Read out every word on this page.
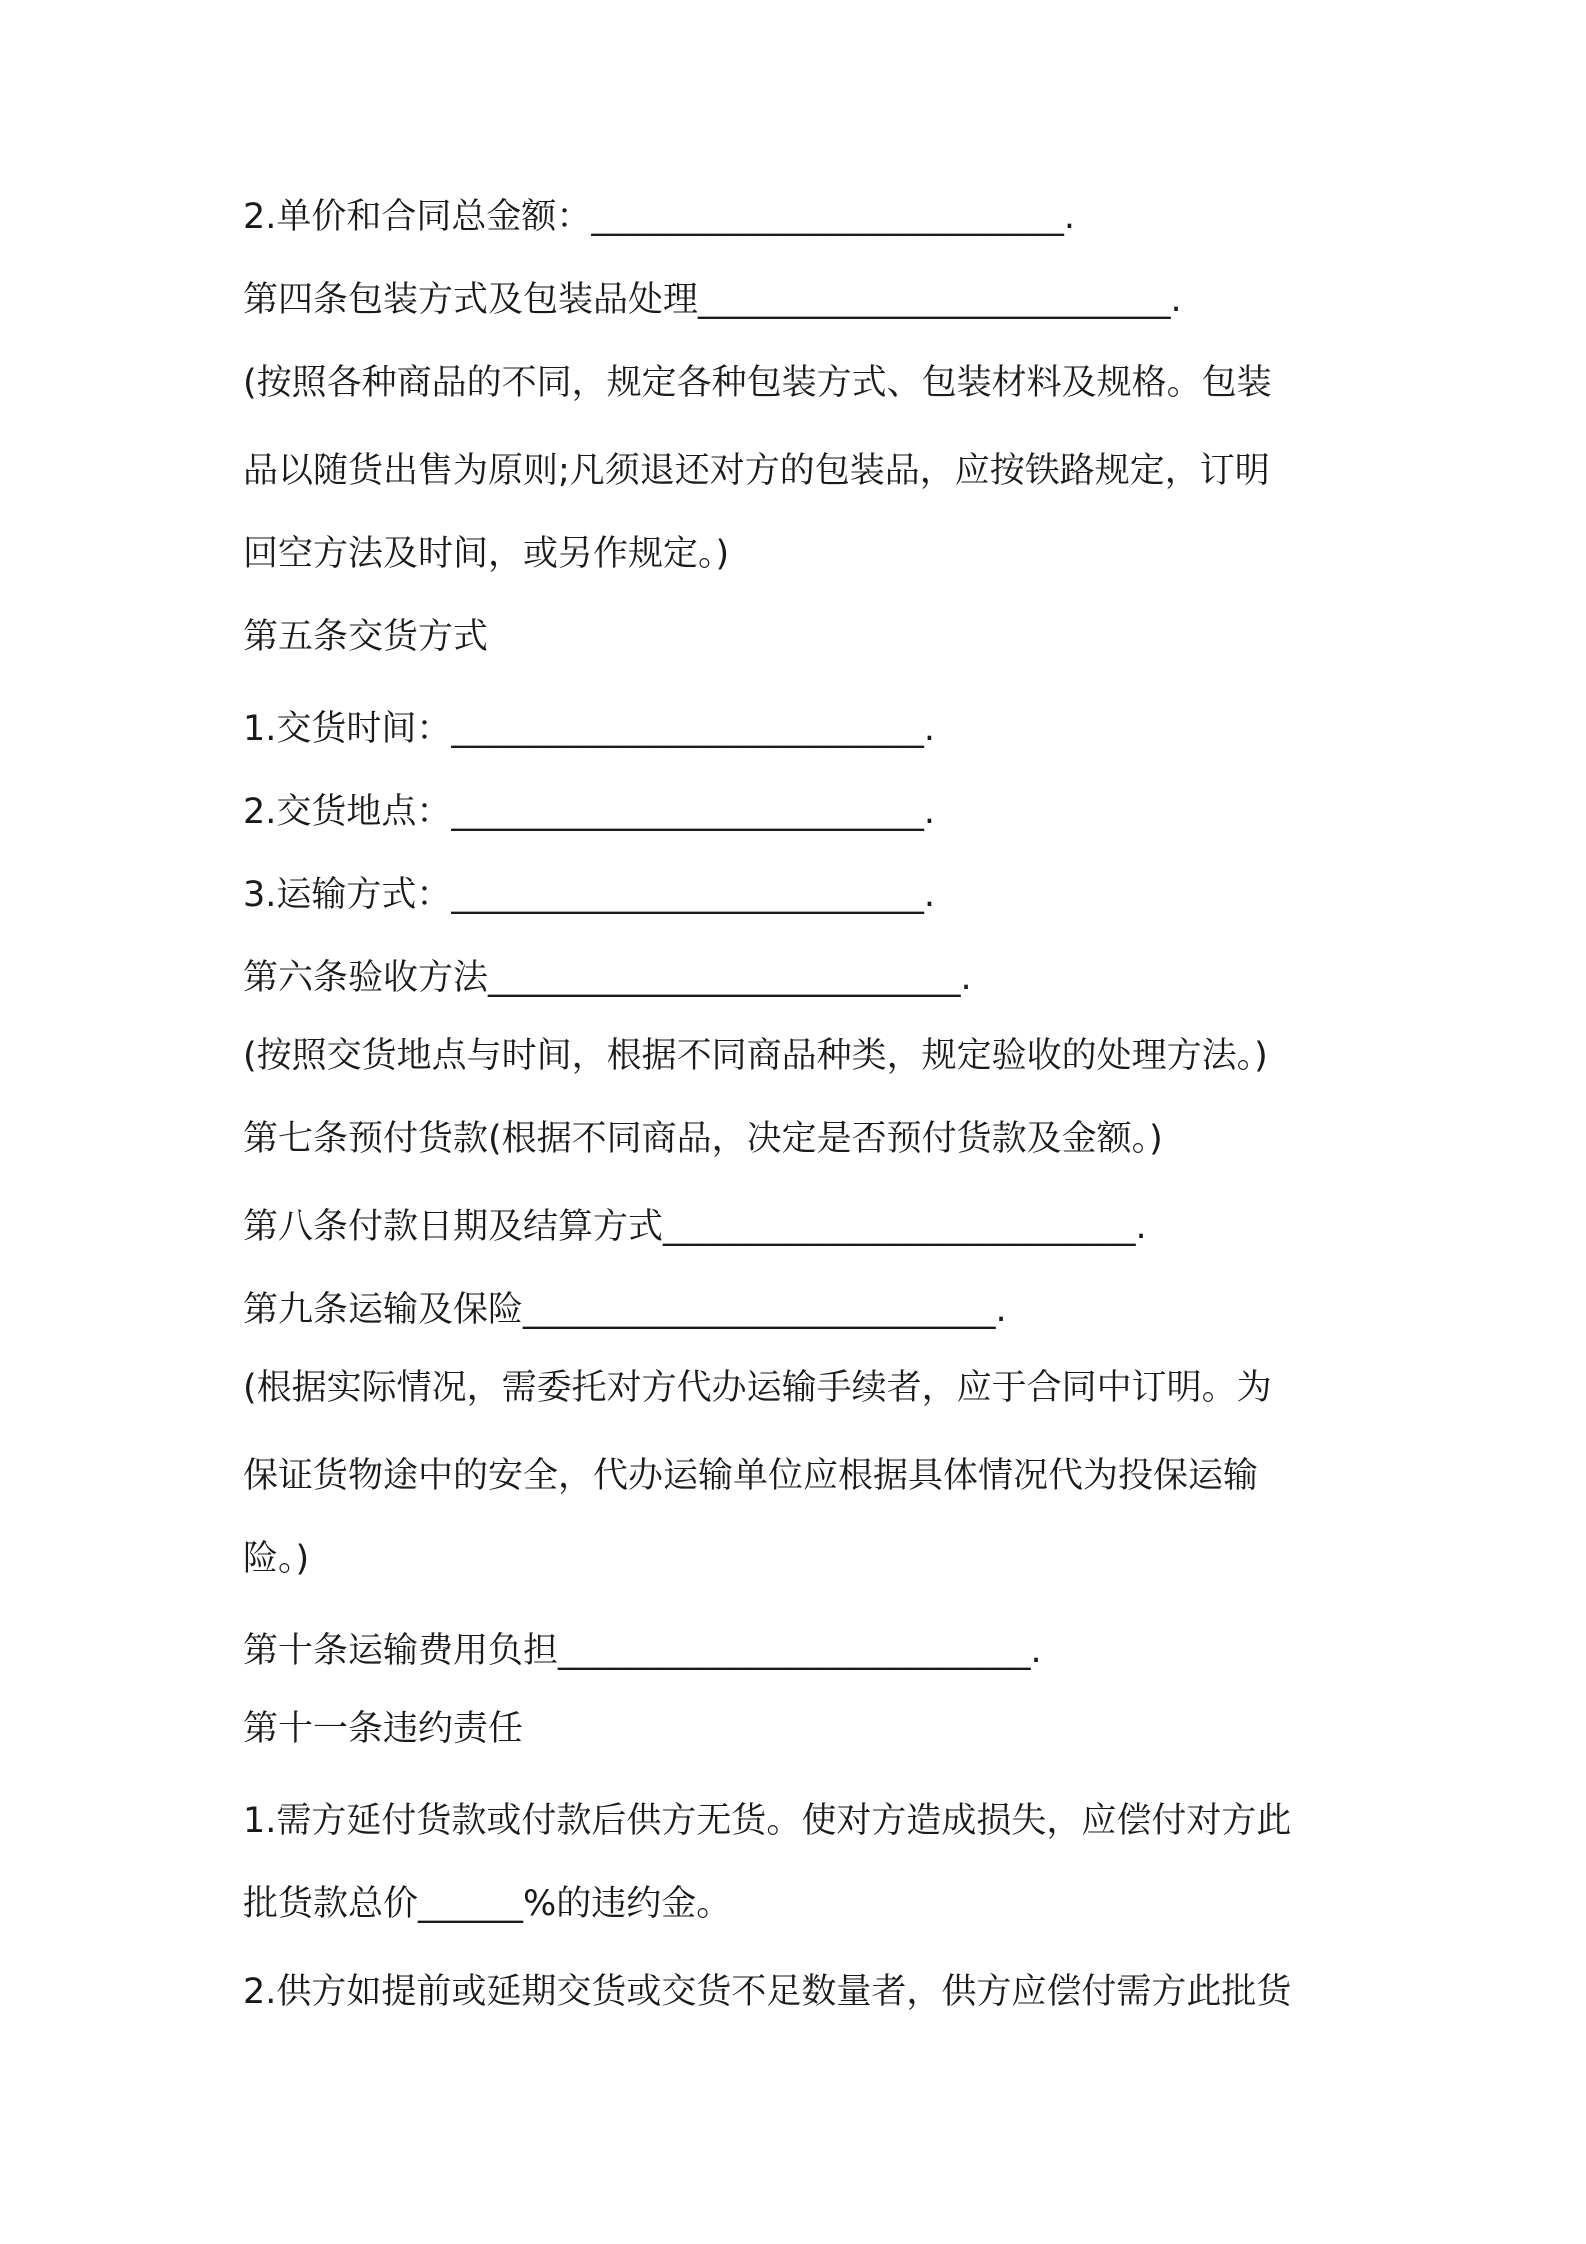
2.单价和合同总金额：___________________________.

第四条包装方式及包装品处理___________________________.

(按照各种商品的不同，规定各种包装方式、包装材料及规格。包装

品以随货出售为原则;凡须退还对方的包装品，应按铁路规定，订明

回空方法及时间，或另作规定。)

第五条交货方式

1.交货时间：___________________________.

2.交货地点：___________________________.

3.运输方式：___________________________.

第六条验收方法___________________________.

(按照交货地点与时间，根据不同商品种类，规定验收的处理方法。)

第七条预付货款(根据不同商品，决定是否预付货款及金额。)

第八条付款日期及结算方式___________________________.

第九条运输及保险___________________________.

(根据实际情况，需委托对方代办运输手续者，应于合同中订明。为

保证货物途中的安全，代办运输单位应根据具体情况代为投保运输

险。)

第十条运输费用负担___________________________.

第十一条违约责任

1.需方延付货款或付款后供方无货。使对方造成损失，应偿付对方此

批货款总价______%的违约金。

2.供方如提前或延期交货或交货不足数量者，供方应偿付需方此批货
